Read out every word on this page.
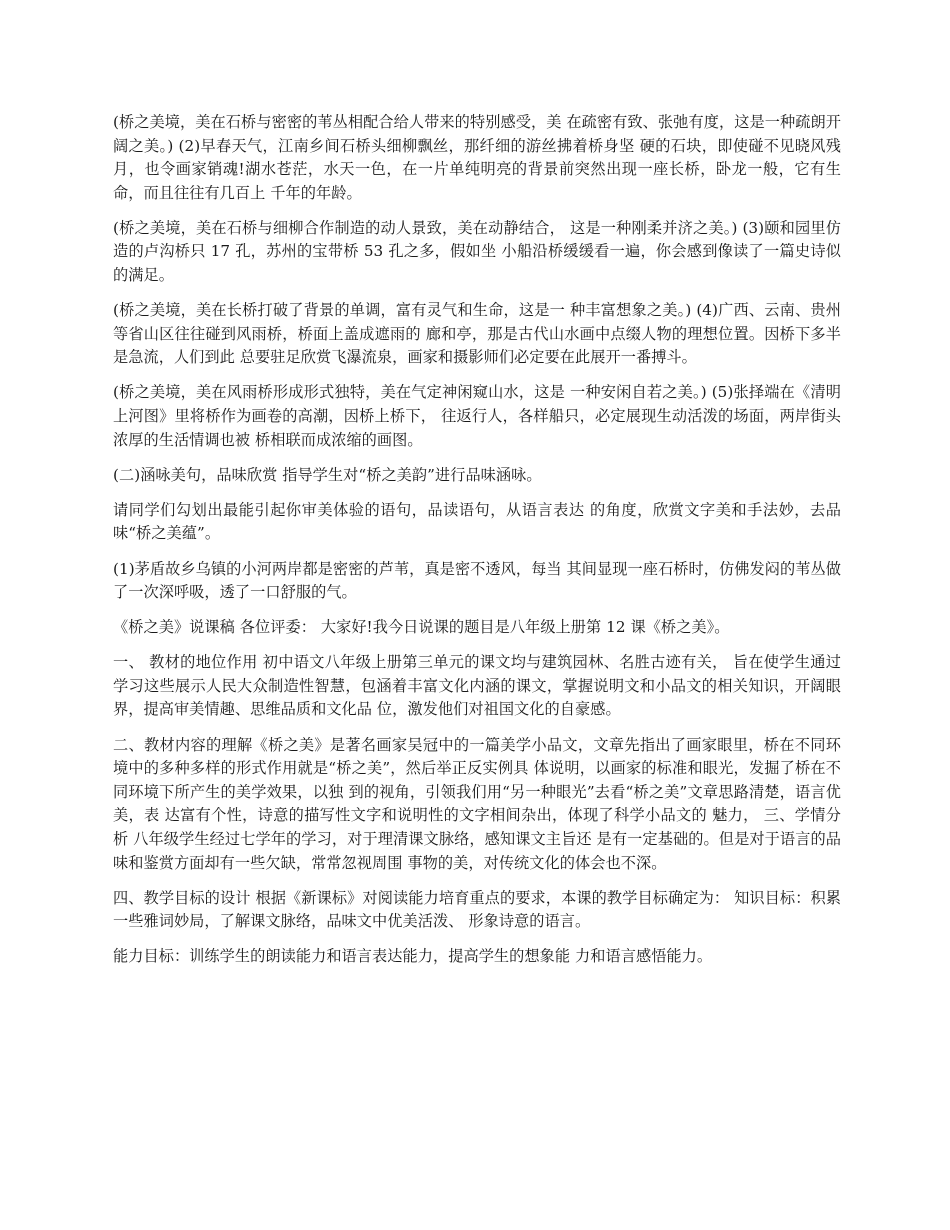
(桥之美境，美在石桥与密密的苇丛相配合给人带来的特别感受，美 在疏密有致、张弛有度，这是一种疏朗开阔之美。) (2)早春天气，江南乡间石桥头细柳飘丝，那纤细的游丝拂着桥身坚 硬的石块，即使碰不见晓风残月，也令画家销魂!湖水苍茫，水天一色，在一片单纯明亮的背景前突然出现一座长桥，卧龙一般，它有生命，而且往往有几百上 千年的年龄。

(桥之美境，美在石桥与细柳合作制造的动人景致，美在动静结合， 这是一种刚柔并济之美。) (3)颐和园里仿造的卢沟桥只 17 孔，苏州的宝带桥 53 孔之多，假如坐 小船沿桥缓缓看一遍，你会感到像读了一篇史诗似的满足。

(桥之美境，美在长桥打破了背景的单调，富有灵气和生命，这是一 种丰富想象之美。) (4)广西、云南、贵州等省山区往往碰到风雨桥，桥面上盖成遮雨的 廊和亭，那是古代山水画中点缀人物的理想位置。因桥下多半是急流，人们到此 总要驻足欣赏飞瀑流泉，画家和摄影师们必定要在此展开一番搏斗。

(桥之美境，美在风雨桥形成形式独特，美在气定神闲窥山水，这是 一种安闲自若之美。) (5)张择端在《清明上河图》里将桥作为画卷的高潮，因桥上桥下， 往返行人，各样船只，必定展现生动活泼的场面，两岸街头浓厚的生活情调也被 桥相联而成浓缩的画图。

(二)涵咏美句，品味欣赏 指导学生对“桥之美韵”进行品味涵咏。

请同学们勾划出最能引起你审美体验的语句，品读语句，从语言表达 的角度，欣赏文字美和手法妙，去品味“桥之美蕴”。

(1)茅盾故乡乌镇的小河两岸都是密密的芦苇，真是密不透风，每当 其间显现一座石桥时，仿佛发闷的苇丛做了一次深呼吸，透了一口舒服的气。

《桥之美》说课稿 各位评委： 大家好!我今日说课的题目是八年级上册第 12 课《桥之美》。

一、 教材的地位作用 初中语文八年级上册第三单元的课文均与建筑园林、名胜古迹有关， 旨在使学生通过学习这些展示人民大众制造性智慧，包涵着丰富文化内涵的课文，掌握说明文和小品文的相关知识，开阔眼界，提高审美情趣、思维品质和文化品 位，激发他们对祖国文化的自豪感。

二、教材内容的理解《桥之美》是著名画家吴冠中的一篇美学小品文，文章先指出了画家眼里，桥在不同环境中的多种多样的形式作用就是“桥之美”，然后举正反实例具 体说明，以画家的标准和眼光，发掘了桥在不同环境下所产生的美学效果，以独 到的视角，引领我们用“另一种眼光”去看“桥之美”文章思路清楚，语言优美，表 达富有个性，诗意的描写性文字和说明性的文字相间杂出，体现了科学小品文的 魅力， 三、学情分析 八年级学生经过七学年的学习，对于理清课文脉络，感知课文主旨还 是有一定基础的。但是对于语言的品味和鉴赏方面却有一些欠缺，常常忽视周围 事物的美，对传统文化的体会也不深。

四、教学目标的设计 根据《新课标》对阅读能力培育重点的要求，本课的教学目标确定为： 知识目标：积累一些雅词妙局，了解课文脉络，品味文中优美活泼、 形象诗意的语言。

能力目标：训练学生的朗读能力和语言表达能力，提高学生的想象能 力和语言感悟能力。
